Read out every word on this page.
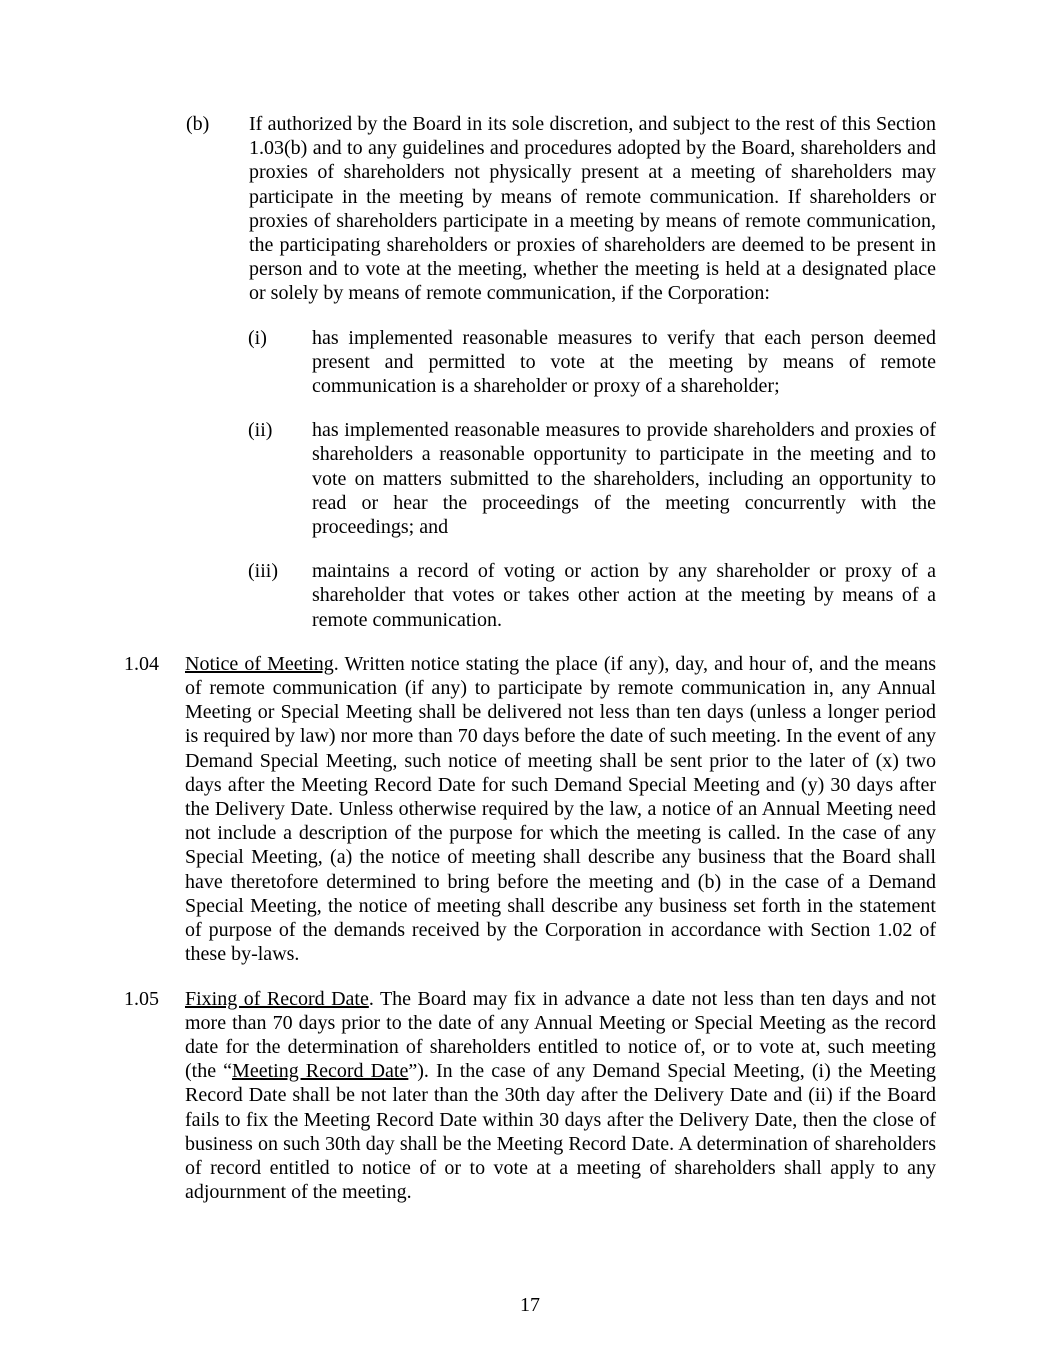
(b) If authorized by the Board in its sole discretion, and subject to the rest of this Section 1.03(b) and to any guidelines and procedures adopted by the Board, shareholders and proxies of shareholders not physically present at a meeting of shareholders may participate in the meeting by means of remote communication. If shareholders or proxies of shareholders participate in a meeting by means of remote communication, the participating shareholders or proxies of shareholders are deemed to be present in person and to vote at the meeting, whether the meeting is held at a designated place or solely by means of remote communication, if the Corporation:
(i) has implemented reasonable measures to verify that each person deemed present and permitted to vote at the meeting by means of remote communication is a shareholder or proxy of a shareholder;
(ii) has implemented reasonable measures to provide shareholders and proxies of shareholders a reasonable opportunity to participate in the meeting and to vote on matters submitted to the shareholders, including an opportunity to read or hear the proceedings of the meeting concurrently with the proceedings; and
(iii) maintains a record of voting or action by any shareholder or proxy of a shareholder that votes or takes other action at the meeting by means of a remote communication.
1.04 Notice of Meeting. Written notice stating the place (if any), day, and hour of, and the means of remote communication (if any) to participate by remote communication in, any Annual Meeting or Special Meeting shall be delivered not less than ten days (unless a longer period is required by law) nor more than 70 days before the date of such meeting. In the event of any Demand Special Meeting, such notice of meeting shall be sent prior to the later of (x) two days after the Meeting Record Date for such Demand Special Meeting and (y) 30 days after the Delivery Date. Unless otherwise required by the law, a notice of an Annual Meeting need not include a description of the purpose for which the meeting is called. In the case of any Special Meeting, (a) the notice of meeting shall describe any business that the Board shall have theretofore determined to bring before the meeting and (b) in the case of a Demand Special Meeting, the notice of meeting shall describe any business set forth in the statement of purpose of the demands received by the Corporation in accordance with Section 1.02 of these by-laws.
1.05 Fixing of Record Date. The Board may fix in advance a date not less than ten days and not more than 70 days prior to the date of any Annual Meeting or Special Meeting as the record date for the determination of shareholders entitled to notice of, or to vote at, such meeting (the “Meeting Record Date”). In the case of any Demand Special Meeting, (i) the Meeting Record Date shall be not later than the 30th day after the Delivery Date and (ii) if the Board fails to fix the Meeting Record Date within 30 days after the Delivery Date, then the close of business on such 30th day shall be the Meeting Record Date. A determination of shareholders of record entitled to notice of or to vote at a meeting of shareholders shall apply to any adjournment of the meeting.
17
